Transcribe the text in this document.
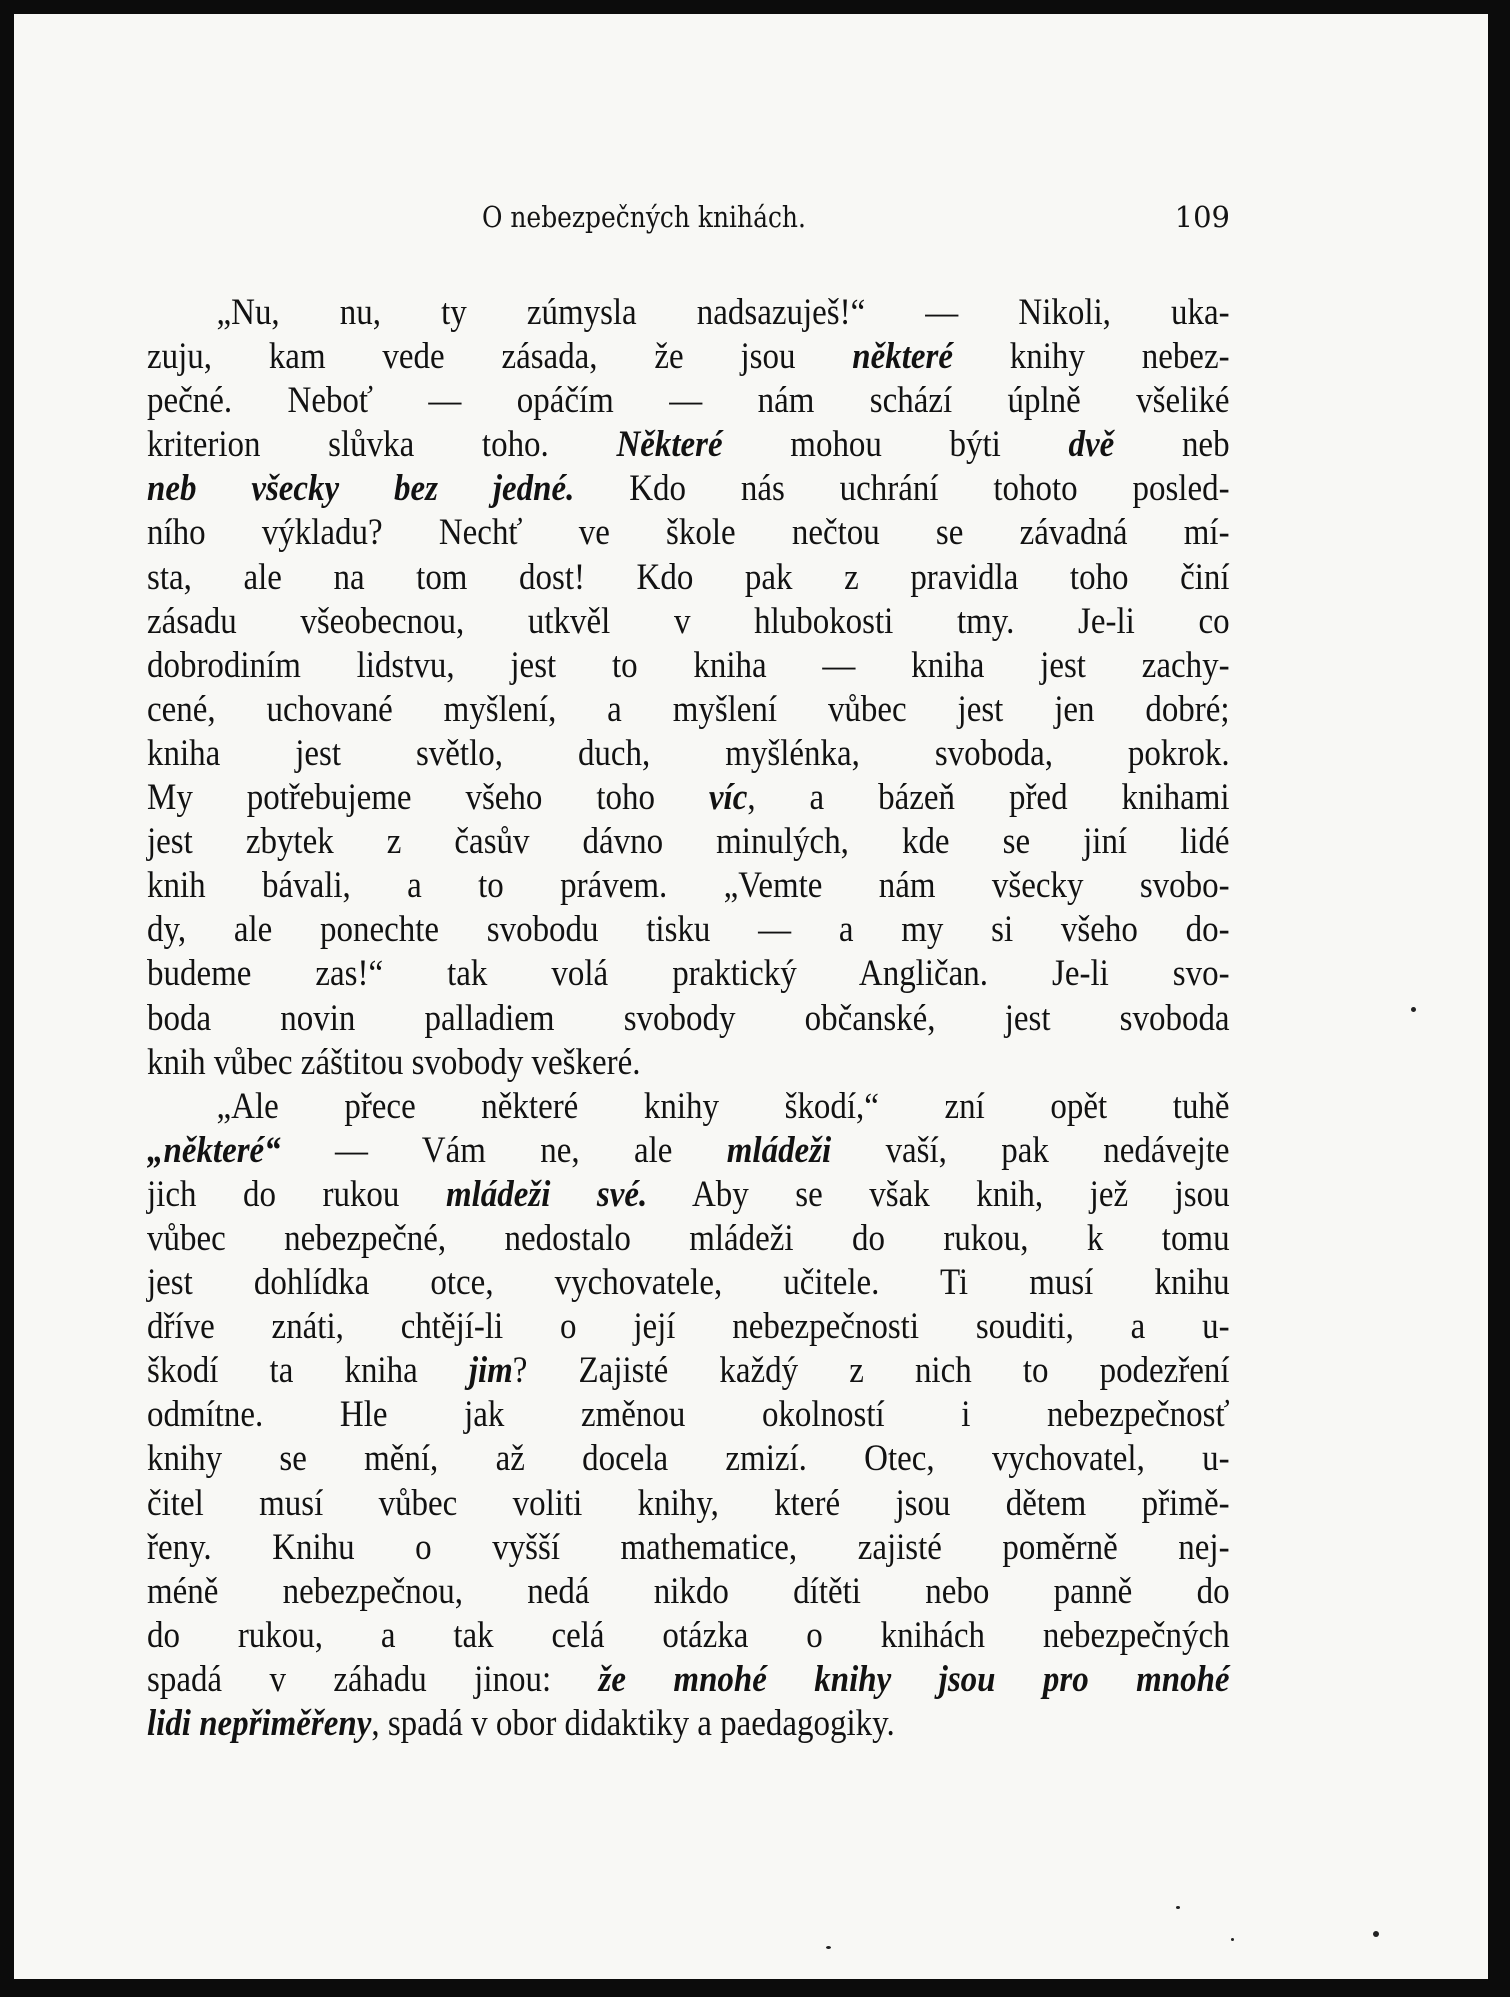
O nebezpečných knihách.	109
„Nu, nu, ty zúmysla nadsazuješ!“ — Nikoli, uka-
zuju, kam vede zásada, že jsou některé knihy nebez-
pečné. Neboť — opáčím — nám schází úplně všeliké
kriterion slůvka toho. Některé mohou býti dvě neb
neb všecky bez jedné. Kdo nás uchrání tohoto posled-
ního výkladu? Nechť ve škole nečtou se závadná mí-
sta, ale na tom dost! Kdo pak z pravidla toho činí
zásadu všeobecnou, utkvěl v hlubokosti tmy. Je-li co
dobrodiním lidstvu, jest to kniha — kniha jest zachy-
cené, uchované myšlení, a myšlení vůbec jest jen dobré;
kniha jest světlo, duch, myšlénka, svoboda, pokrok.
My potřebujeme všeho toho víc, a bázeň před knihami
jest zbytek z časův dávno minulých, kde se jiní lidé
knih bávali, a to právem. „Vemte nám všecky svobo-
dy, ale ponechte svobodu tisku — a my si všeho do-
budeme zas!“ tak volá praktický Angličan. Je-li svo-
boda novin palladiem svobody občanské, jest svoboda
knih vůbec záštitou svobody veškeré.
„Ale přece některé knihy škodí,“ zní opět tuhě
„některé“ — Vám ne, ale mládeži vaší, pak nedávejte
jich do rukou mládeži své. Aby se však knih, jež jsou
vůbec nebezpečné, nedostalo mládeži do rukou, k tomu
jest dohlídka otce, vychovatele, učitele. Ti musí knihu
dříve znáti, chtějí-li o její nebezpečnosti souditi, a u-
škodí ta kniha jim? Zajisté každý z nich to podezření
odmítne. Hle jak změnou okolností i nebezpečnosť
knihy se mění, až docela zmizí. Otec, vychovatel, u-
čitel musí vůbec voliti knihy, které jsou dětem přimě-
řeny. Knihu o vyšší mathematice, zajisté poměrně nej-
méně nebezpečnou, nedá nikdo dítěti nebo panně do
do rukou, a tak celá otázka o knihách nebezpečných
spadá v záhadu jinou: že mnohé knihy jsou pro mnohé
lidi nepřiměřeny, spadá v obor didaktiky a paedagogiky.
